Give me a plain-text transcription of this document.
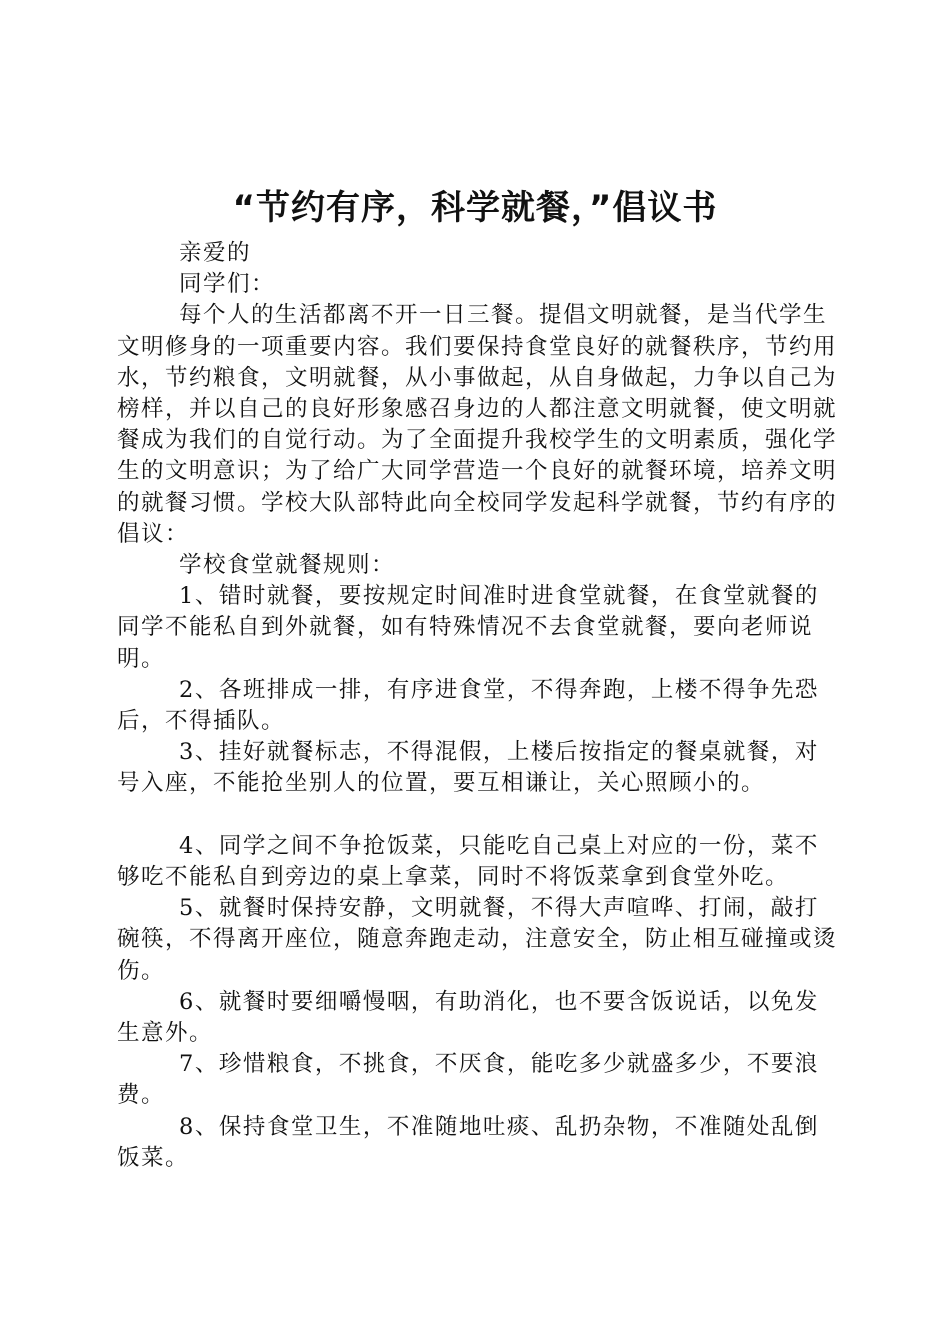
“节约有序，科学就餐，”倡议书

亲爱的

同学们：

每个人的生活都离不开一日三餐。提倡文明就餐，是当代学生文明修身的一项重要内容。我们要保持食堂良好的就餐秩序，节约用水，节约粮食，文明就餐，从小事做起，从自身做起，力争以自己为榜样，并以自己的良好形象感召身边的人都注意文明就餐，使文明就餐成为我们的自觉行动。为了全面提升我校学生的文明素质，强化学生的文明意识；为了给广大同学营造一个良好的就餐环境，培养文明的就餐习惯。学校大队部特此向全校同学发起科学就餐，节约有序的倡议：

学校食堂就餐规则：

1、错时就餐，要按规定时间准时进食堂就餐，在食堂就餐的同学不能私自到外就餐，如有特殊情况不去食堂就餐，要向老师说明。

2、各班排成一排，有序进食堂，不得奔跑，上楼不得争先恐后，不得插队。

3、挂好就餐标志，不得混假，上楼后按指定的餐桌就餐，对号入座，不能抢坐别人的位置，要互相谦让，关心照顾小的。

4、同学之间不争抢饭菜，只能吃自己桌上对应的一份，菜不够吃不能私自到旁边的桌上拿菜，同时不将饭菜拿到食堂外吃。

5、就餐时保持安静，文明就餐，不得大声喧哗、打闹，敲打碗筷，不得离开座位，随意奔跑走动，注意安全，防止相互碰撞或烫伤。

6、就餐时要细嚼慢咽，有助消化，也不要含饭说话，以免发生意外。

7、珍惜粮食，不挑食，不厌食，能吃多少就盛多少，不要浪费。

8、保持食堂卫生，不准随地吐痰、乱扔杂物，不准随处乱倒饭菜。
